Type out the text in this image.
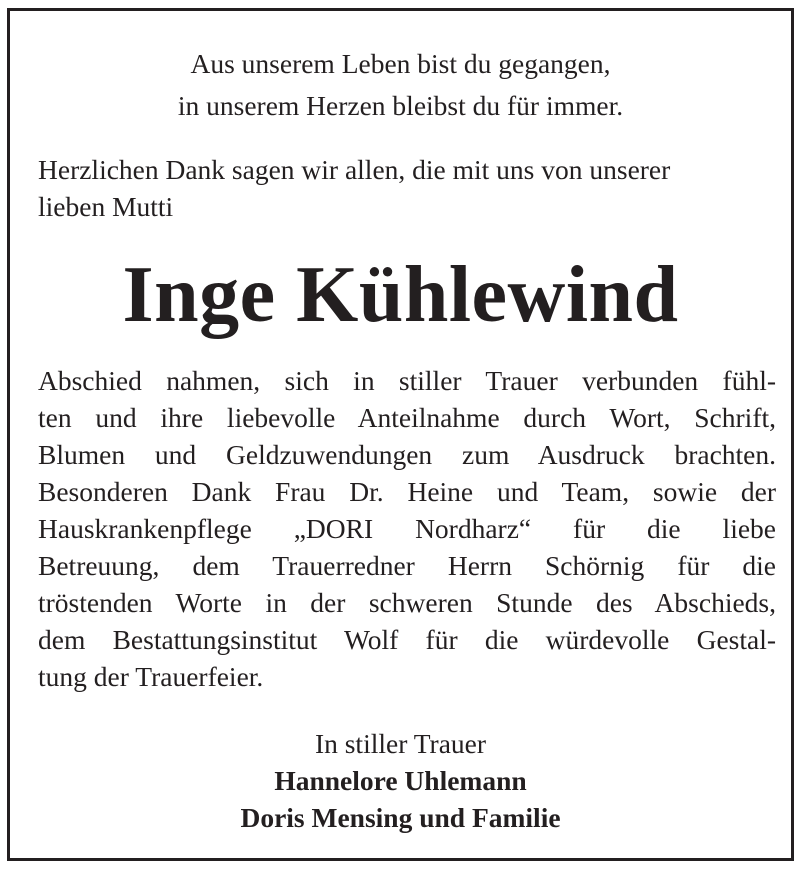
Aus unserem Leben bist du gegangen,
in unserem Herzen bleibst du für immer.
Herzlichen Dank sagen wir allen, die mit uns von unserer
lieben Mutti
Inge Kühlewind
Abschied nahmen, sich in stiller Trauer verbunden fühl-
ten und ihre liebevolle Anteilnahme durch Wort, Schrift,
Blumen und Geldzuwendungen zum Ausdruck brachten.
Besonderen Dank Frau Dr. Heine und Team, sowie der
Hauskrankenpflege „DORI Nordharz“ für die liebe
Betreuung, dem Trauerredner Herrn Schörnig für die
tröstenden Worte in der schweren Stunde des Abschieds,
dem Bestattungsinstitut Wolf für die würdevolle Gestal-
tung der Trauerfeier.
In stiller Trauer
Hannelore Uhlemann
Doris Mensing und Familie
